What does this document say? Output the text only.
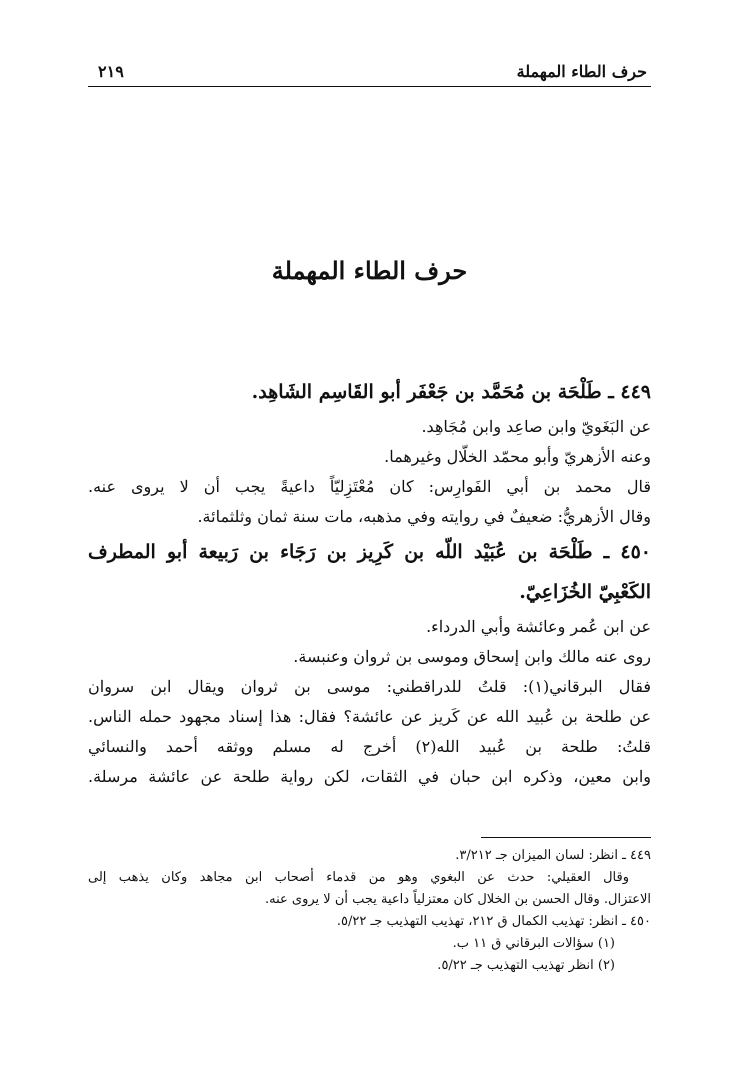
حرف الطاء المهملة
٢١٩
حرف الطاء المهملة
٤٤٩ ـ طَلْحَة بن مُحَمَّد بن جَعْفَر أبو القَاسِم الشَاهِد.
عن البَغَويّ وابن صاعِد وابن مُجَاهِد.
وعنه الأزهريّ وأبو محمّد الخلّال وغيرهما.
قال محمد بن أبي الفَوارِس: كان مُعْتَزِليّاً داعيةً يجب أن لا يروى عنه.
وقال الأزهريُّ: ضعيفٌ في روايته وفي مذهبه، مات سنة ثمان وثلثمائة.
٤٥٠ ـ طَلْحَة بن عُبَيْد اللّه بن كَرِيز بن رَجَاء بن رَبيعة أبو المطرف
الكَعْبِيّ الخُزَاعِيّ.
عن ابن عُمر وعائشة وأبي الدرداء.
روى عنه مالك وابن إسحاق وموسى بن ثروان وعنبسة.
فقال البرقاني(١): قلتُ للدراقطني: موسى بن ثروان ويقال ابن سروان
عن طلحة بن عُبيد الله عن كَريز عن عائشة؟ فقال: هذا إسناد مجهود حمله الناس.
قلتُ: طلحة بن عُبيد الله(٢) أخرج له مسلم ووثقه أحمد والنسائي
وابن معين، وذكره ابن حبان في الثقات، لكن رواية طلحة عن عائشة مرسلة.
٤٤٩ ـ انظر: لسان الميزان جـ ٣/٢١٢.
وقال العقيلي: حدث عن البغوي وهو من قدماء أصحاب ابن مجاهد وكان يذهب إلى
الاعتزال. وقال الحسن بن الخلال كان معتزلياً داعية يجب أن لا يروى عنه.
٤٥٠ ـ انظر: تهذيب الكمال ق ٢١٢، تهذيب التهذيب جـ ٥/٢٢.
(١) سؤالات البرقاني ق ١١ ب.
(٢) انظر تهذيب التهذيب جـ ٥/٢٢.
